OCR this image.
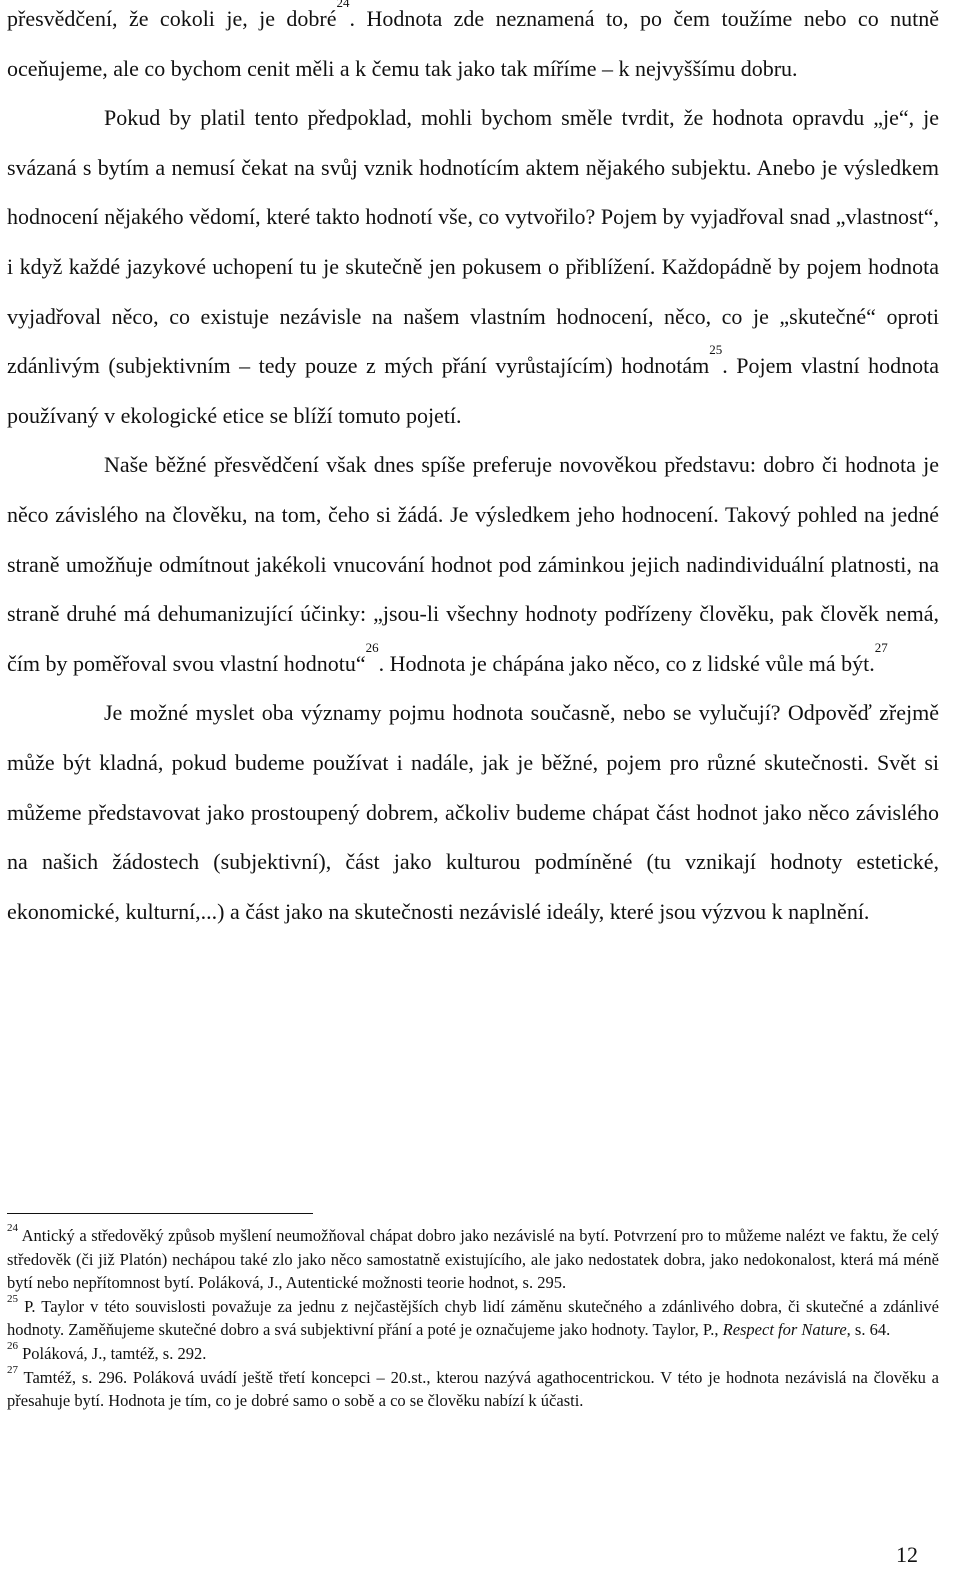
přesvědčení, že cokoli je, je dobré$^{24}$. Hodnota zde neznamená to, po čem toužíme nebo co nutně oceňujeme, ale co bychom cenit měli a k čemu tak jako tak míříme – k nejvyššímu dobru.

Pokud by platil tento předpoklad, mohli bychom směle tvrdit, že hodnota opravdu „je“, je svázaná s bytím a nemusí čekat na svůj vznik hodnotícím aktem nějakého subjektu. Anebo je výsledkem hodnocení nějakého vědomí, které takto hodnotí vše, co vytvořilo? Pojem by vyjadřoval snad „vlastnost“, i když každé jazykové uchopení tu je skutečně jen pokusem o přiblížení. Každopádně by pojem hodnota vyjadřoval něco, co existuje nezávisle na našem vlastním hodnocení, něco, co je „skutečné“ oproti zdánlivým (subjektivním – tedy pouze z mých přání vyrůstajícím) hodnotám$^{25}$. Pojem vlastní hodnota používaný v ekologické etice se blíží tomuto pojetí.

Naše běžné přesvědčení však dnes spíše preferuje novověkou představu: dobro či hodnota je něco závislého na člověku, na tom, čeho si žádá. Je výsledkem jeho hodnocení. Takový pohled na jedné straně umožňuje odmítnout jakékoli vnucování hodnot pod záminkou jejich nadindividuální platnosti, na straně druhé má dehumanizující účinky: „jsou-li všechny hodnoty podřízeny člověku, pak člověk nemá, čím by poměřoval svou vlastní hodnotu“$^{26}$. Hodnota je chápána jako něco, co z lidské vůle má být.$^{27}$

Je možné myslet oba významy pojmu hodnota současně, nebo se vylučují? Odpověď zřejmě může být kladná, pokud budeme používat i nadále, jak je běžné, pojem pro různé skutečnosti. Svět si můžeme představovat jako prostoupený dobrem, ačkoliv budeme chápat část hodnot jako něco závislého na našich žádostech (subjektivní), část jako kulturou podmíněné (tu vznikají hodnoty estetické, ekonomické, kulturní,...) a část jako na skutečnosti nezávislé ideály, které jsou výzvou k naplnění.

$^{24}$ Antický a středověký způsob myšlení neumožňoval chápat dobro jako nezávislé na bytí. Potvrzení pro to můžeme nalézt ve faktu, že celý středověk (či již Platón) nechápou také zlo jako něco samostatně existujícího, ale jako nedostatek dobra, jako nedokonalost, která má méně bytí nebo nepřítomnost bytí. Poláková, J., Autentické možnosti teorie hodnot, s. 295.

$^{25}$ P. Taylor v této souvislosti považuje za jednu z nejčastějších chyb lidí záměnu skutečného a zdánlivého dobra, či skutečné a zdánlivé hodnoty. Zaměňujeme skutečné dobro a svá subjektivní přání a poté je označujeme jako hodnoty. Taylor, P., Respect for Nature, s. 64.

$^{26}$ Poláková, J., tamtéž, s. 292.

$^{27}$ Tamtéž, s. 296. Poláková uvádí ještě třetí koncepci – 20.st., kterou nazývá agathocentrickou. V této je hodnota nezávislá na člověku a přesahuje bytí. Hodnota je tím, co je dobré samo o sobě a co se člověku nabízí k účasti.

12
